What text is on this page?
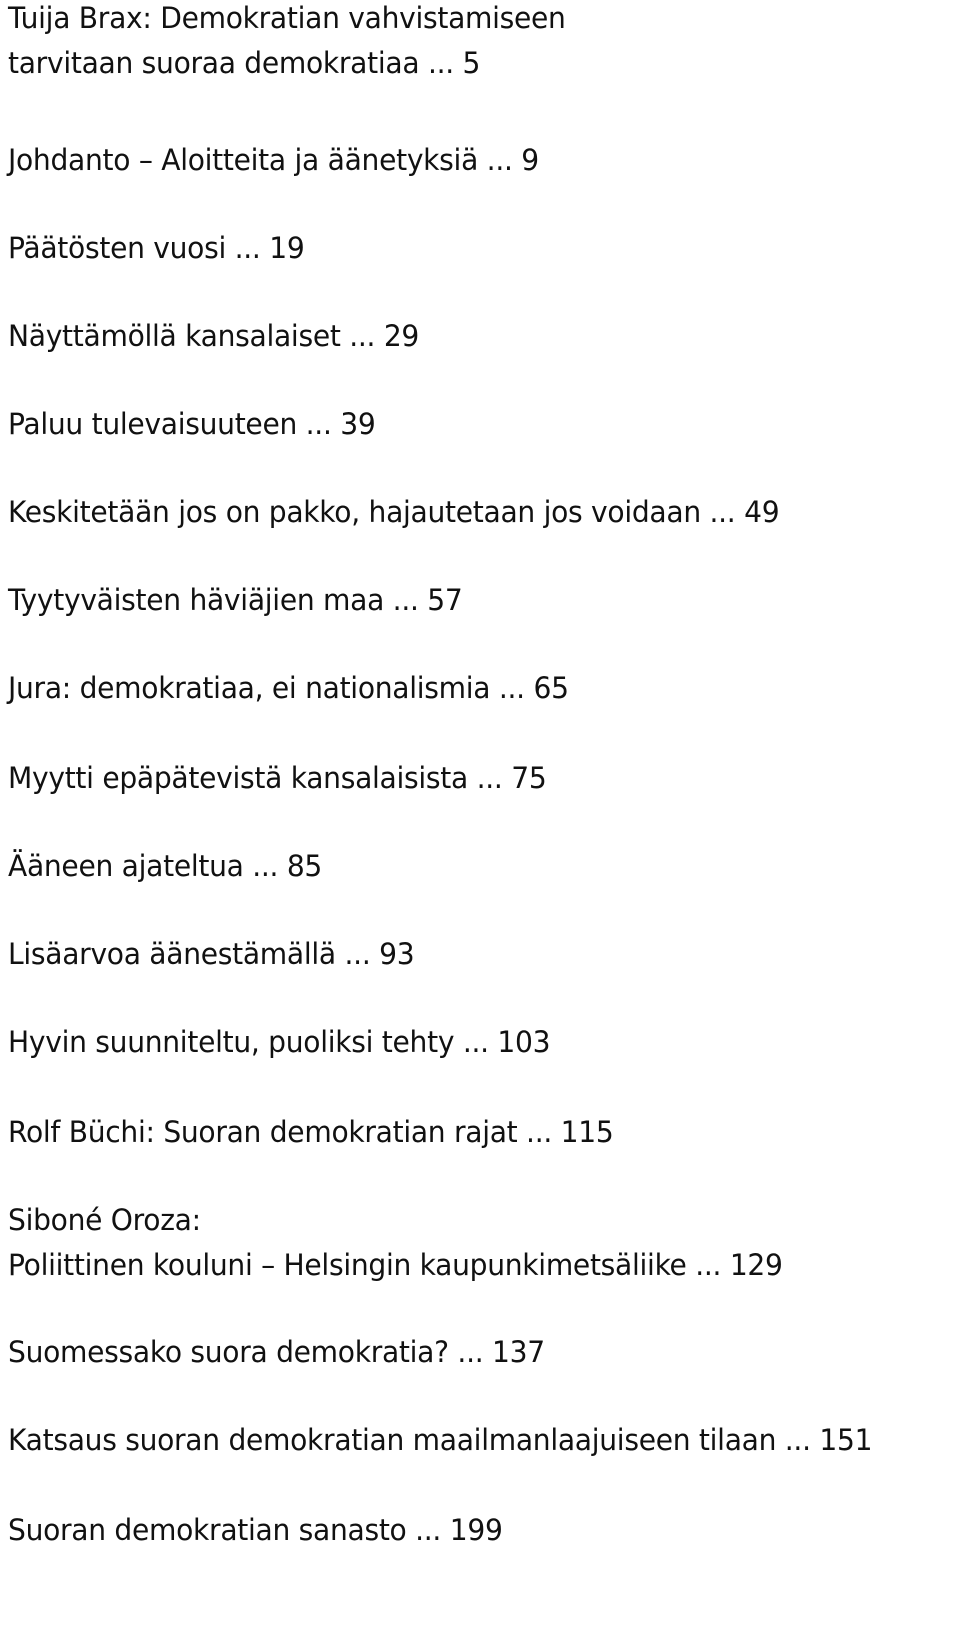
Tuija Brax: Demokratian vahvistamiseen
tarvitaan suoraa demokratiaa ... 5
Johdanto – Aloitteita ja äänetyksiä ... 9
Päätösten vuosi ... 19
Näyttämöllä kansalaiset ... 29
Paluu tulevaisuuteen ... 39
Keskitetään jos on pakko, hajautetaan jos voidaan ... 49
Tyytyväisten häviäjien maa ... 57
Jura: demokratiaa, ei nationalismia ... 65
Myytti epäpätevistä kansalaisista ... 75
Ääneen ajateltua ... 85
Lisäarvoa äänestämällä ... 93
Hyvin suunniteltu, puoliksi tehty ... 103
Rolf Büchi: Suoran demokratian rajat ... 115
Siboné Oroza:
Poliittinen kouluni – Helsingin kaupunkimetsäliike ... 129
Suomessako suora demokratia? ... 137
Katsaus suoran demokratian maailmanlaajuiseen tilaan ... 151
Suoran demokratian sanasto ... 199
